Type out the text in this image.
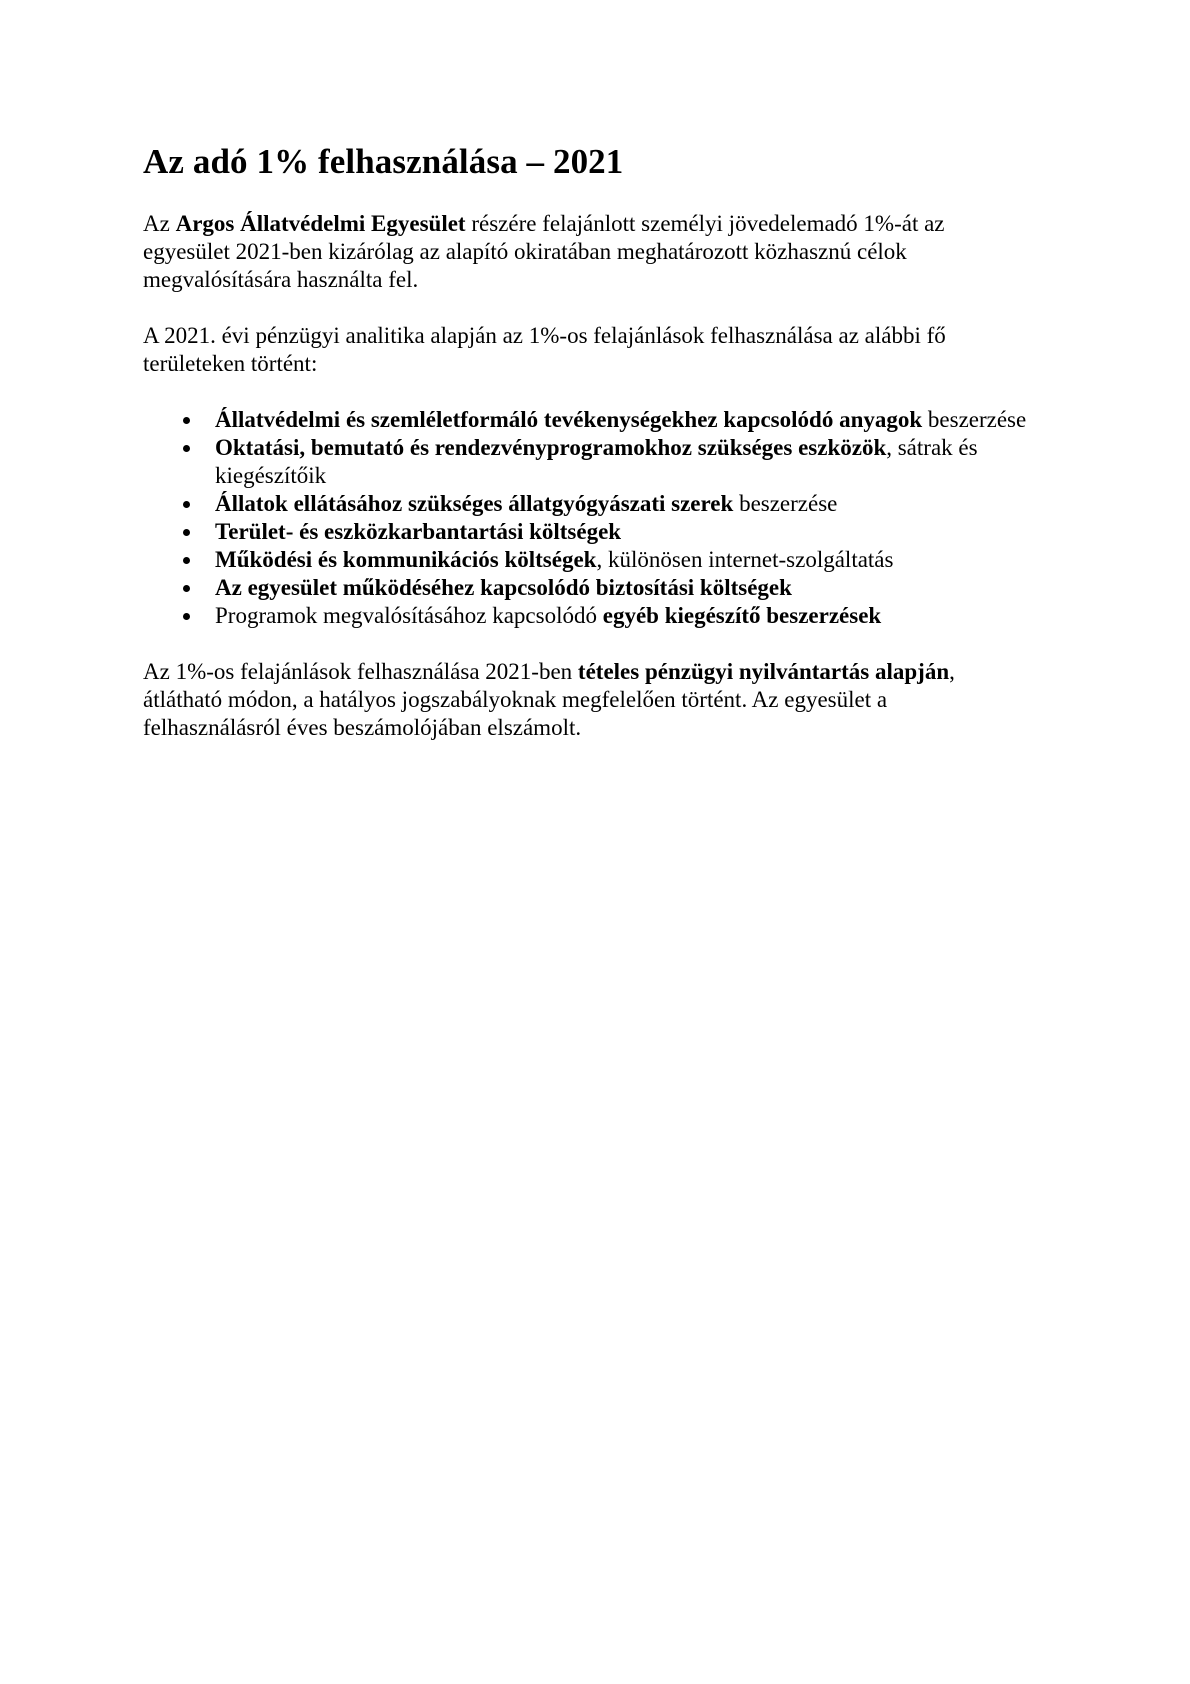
Az adó 1% felhasználása – 2021

Az Argos Állatvédelmi Egyesület részére felajánlott személyi jövedelemadó 1%-át az egyesület 2021-ben kizárólag az alapító okiratában meghatározott közhasznú célok megvalósítására használta fel.

A 2021. évi pénzügyi analitika alapján az 1%-os felajánlások felhasználása az alábbi fő területeken történt:

Állatvédelmi és szemléletformáló tevékenységekhez kapcsolódó anyagok beszerzése
Oktatási, bemutató és rendezvényprogramokhoz szükséges eszközök, sátrak és kiegészítőik
Állatok ellátásához szükséges állatgyógyászati szerek beszerzése
Terület- és eszközkarbantartási költségek
Működési és kommunikációs költségek, különösen internet-szolgáltatás
Az egyesület működéséhez kapcsolódó biztosítási költségek
Programok megvalósításához kapcsolódó egyéb kiegészítő beszerzések

Az 1%-os felajánlások felhasználása 2021-ben tételes pénzügyi nyilvántartás alapján, átlátható módon, a hatályos jogszabályoknak megfelelően történt. Az egyesület a felhasználásról éves beszámolójában elszámolt.
